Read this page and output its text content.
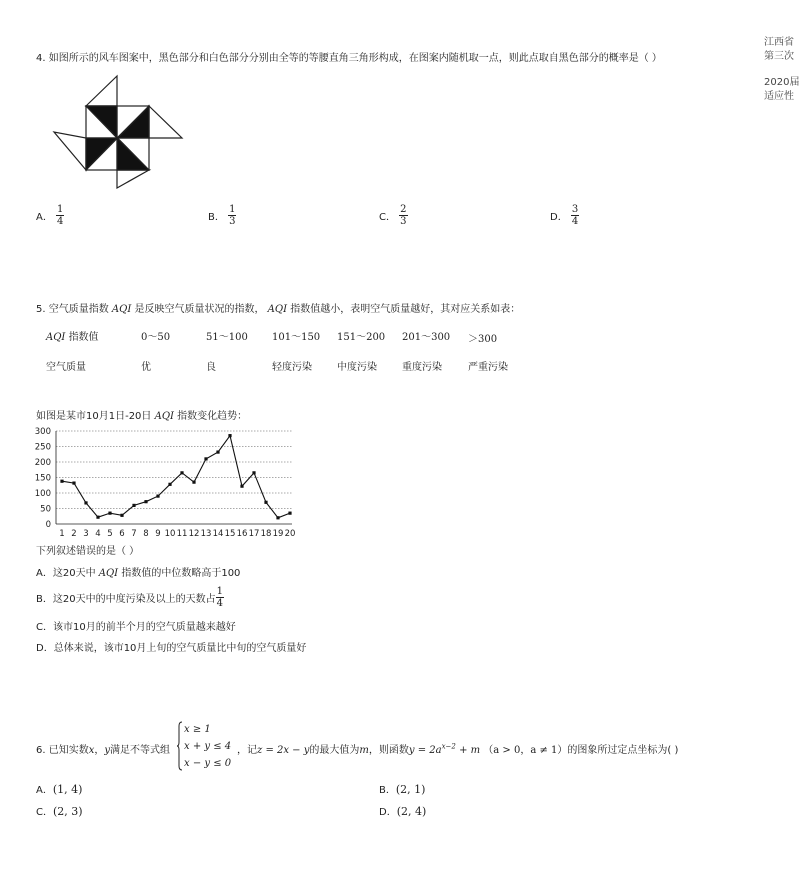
江西省
第三次
2020届
适应性
4. 如图所示的风车图案中，黑色部分和白色部分分别由全等的等腰直角三角形构成，在图案内随机取一点，则此点取自黑色部分的概率是（ ）
A． $\frac{1}{4}$	B． $\frac{1}{3}$	C． $\frac{2}{3}$	D． $\frac{3}{4}$
5. 空气质量指数 AQI 是反映空气质量状况的指数， AQI 指数值越小，表明空气质量越好，其对应关系如表：
AQI 指数值	0～50	51～100 101～150 151～200 201～300 ＞300
空气质量	优	良	轻度污染	中度污染	重度污染	严重污染
如图是某市10月1日-20日 AQI 指数变化趋势：
0
50
100
150
200
250
300
1 2 3 4 5 6 7 8 9 10 11 12 13 14 15 16 17 18 19 20
下列叙述错误的是（ ）
A．这20天中 AQI 指数值的中位数略高于100
B．这20天中的中度污染及以上的天数占 $\frac{1}{4}$
C．该市10月的前半个月的空气质量越来越好
D．总体来说，该市10月上旬的空气质量比中旬的空气质量好
6. 已知实数x，y满足不等式组
x ≥ 1
x + y ≤ 4
x − y ≤ 0
，记z = 2x − y的最大值为m，则函数$y = 2a^{x-2} + m$ （a > 0，a ≠ 1）的图象所过定点坐标为( )
A．(1, 4)	B．(2, 1)
C．(2, 3)	D．(2, 4)
